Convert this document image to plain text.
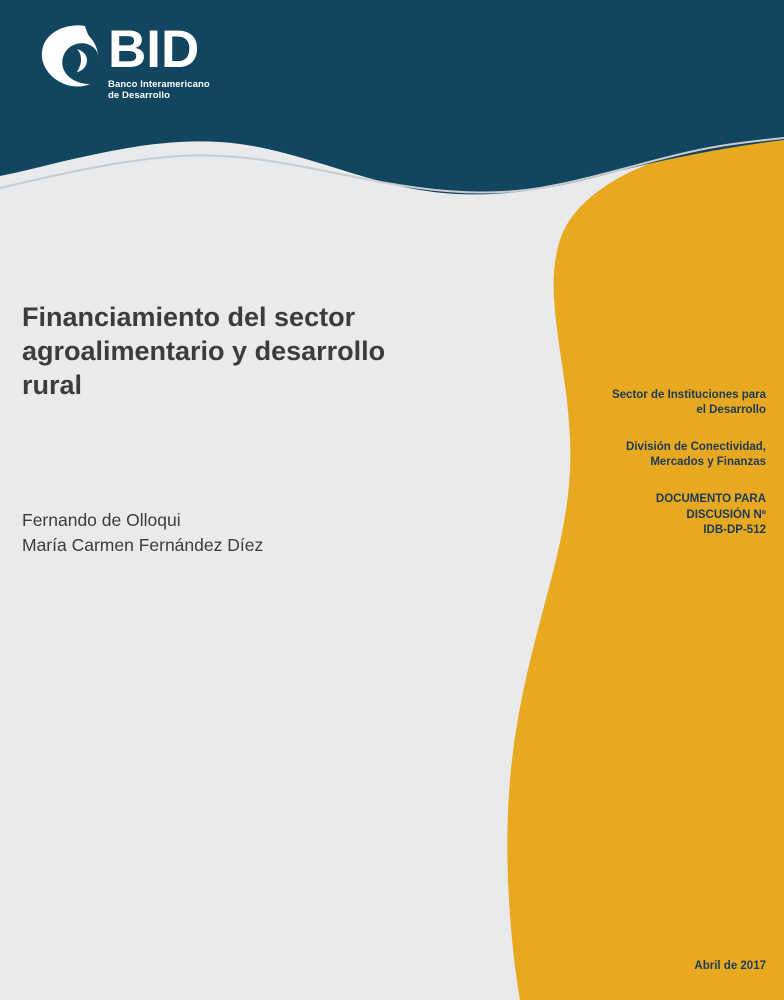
BID
Banco Interamericano
de Desarrollo
Financiamiento del sector agroalimentario y desarrollo rural
Fernando de Olloqui
María Carmen Fernández Díez
Sector de Instituciones para
el Desarrollo
División de Conectividad,
Mercados y Finanzas
DOCUMENTO PARA
DISCUSIÓN Nº
IDB-DP-512
Abril de 2017
